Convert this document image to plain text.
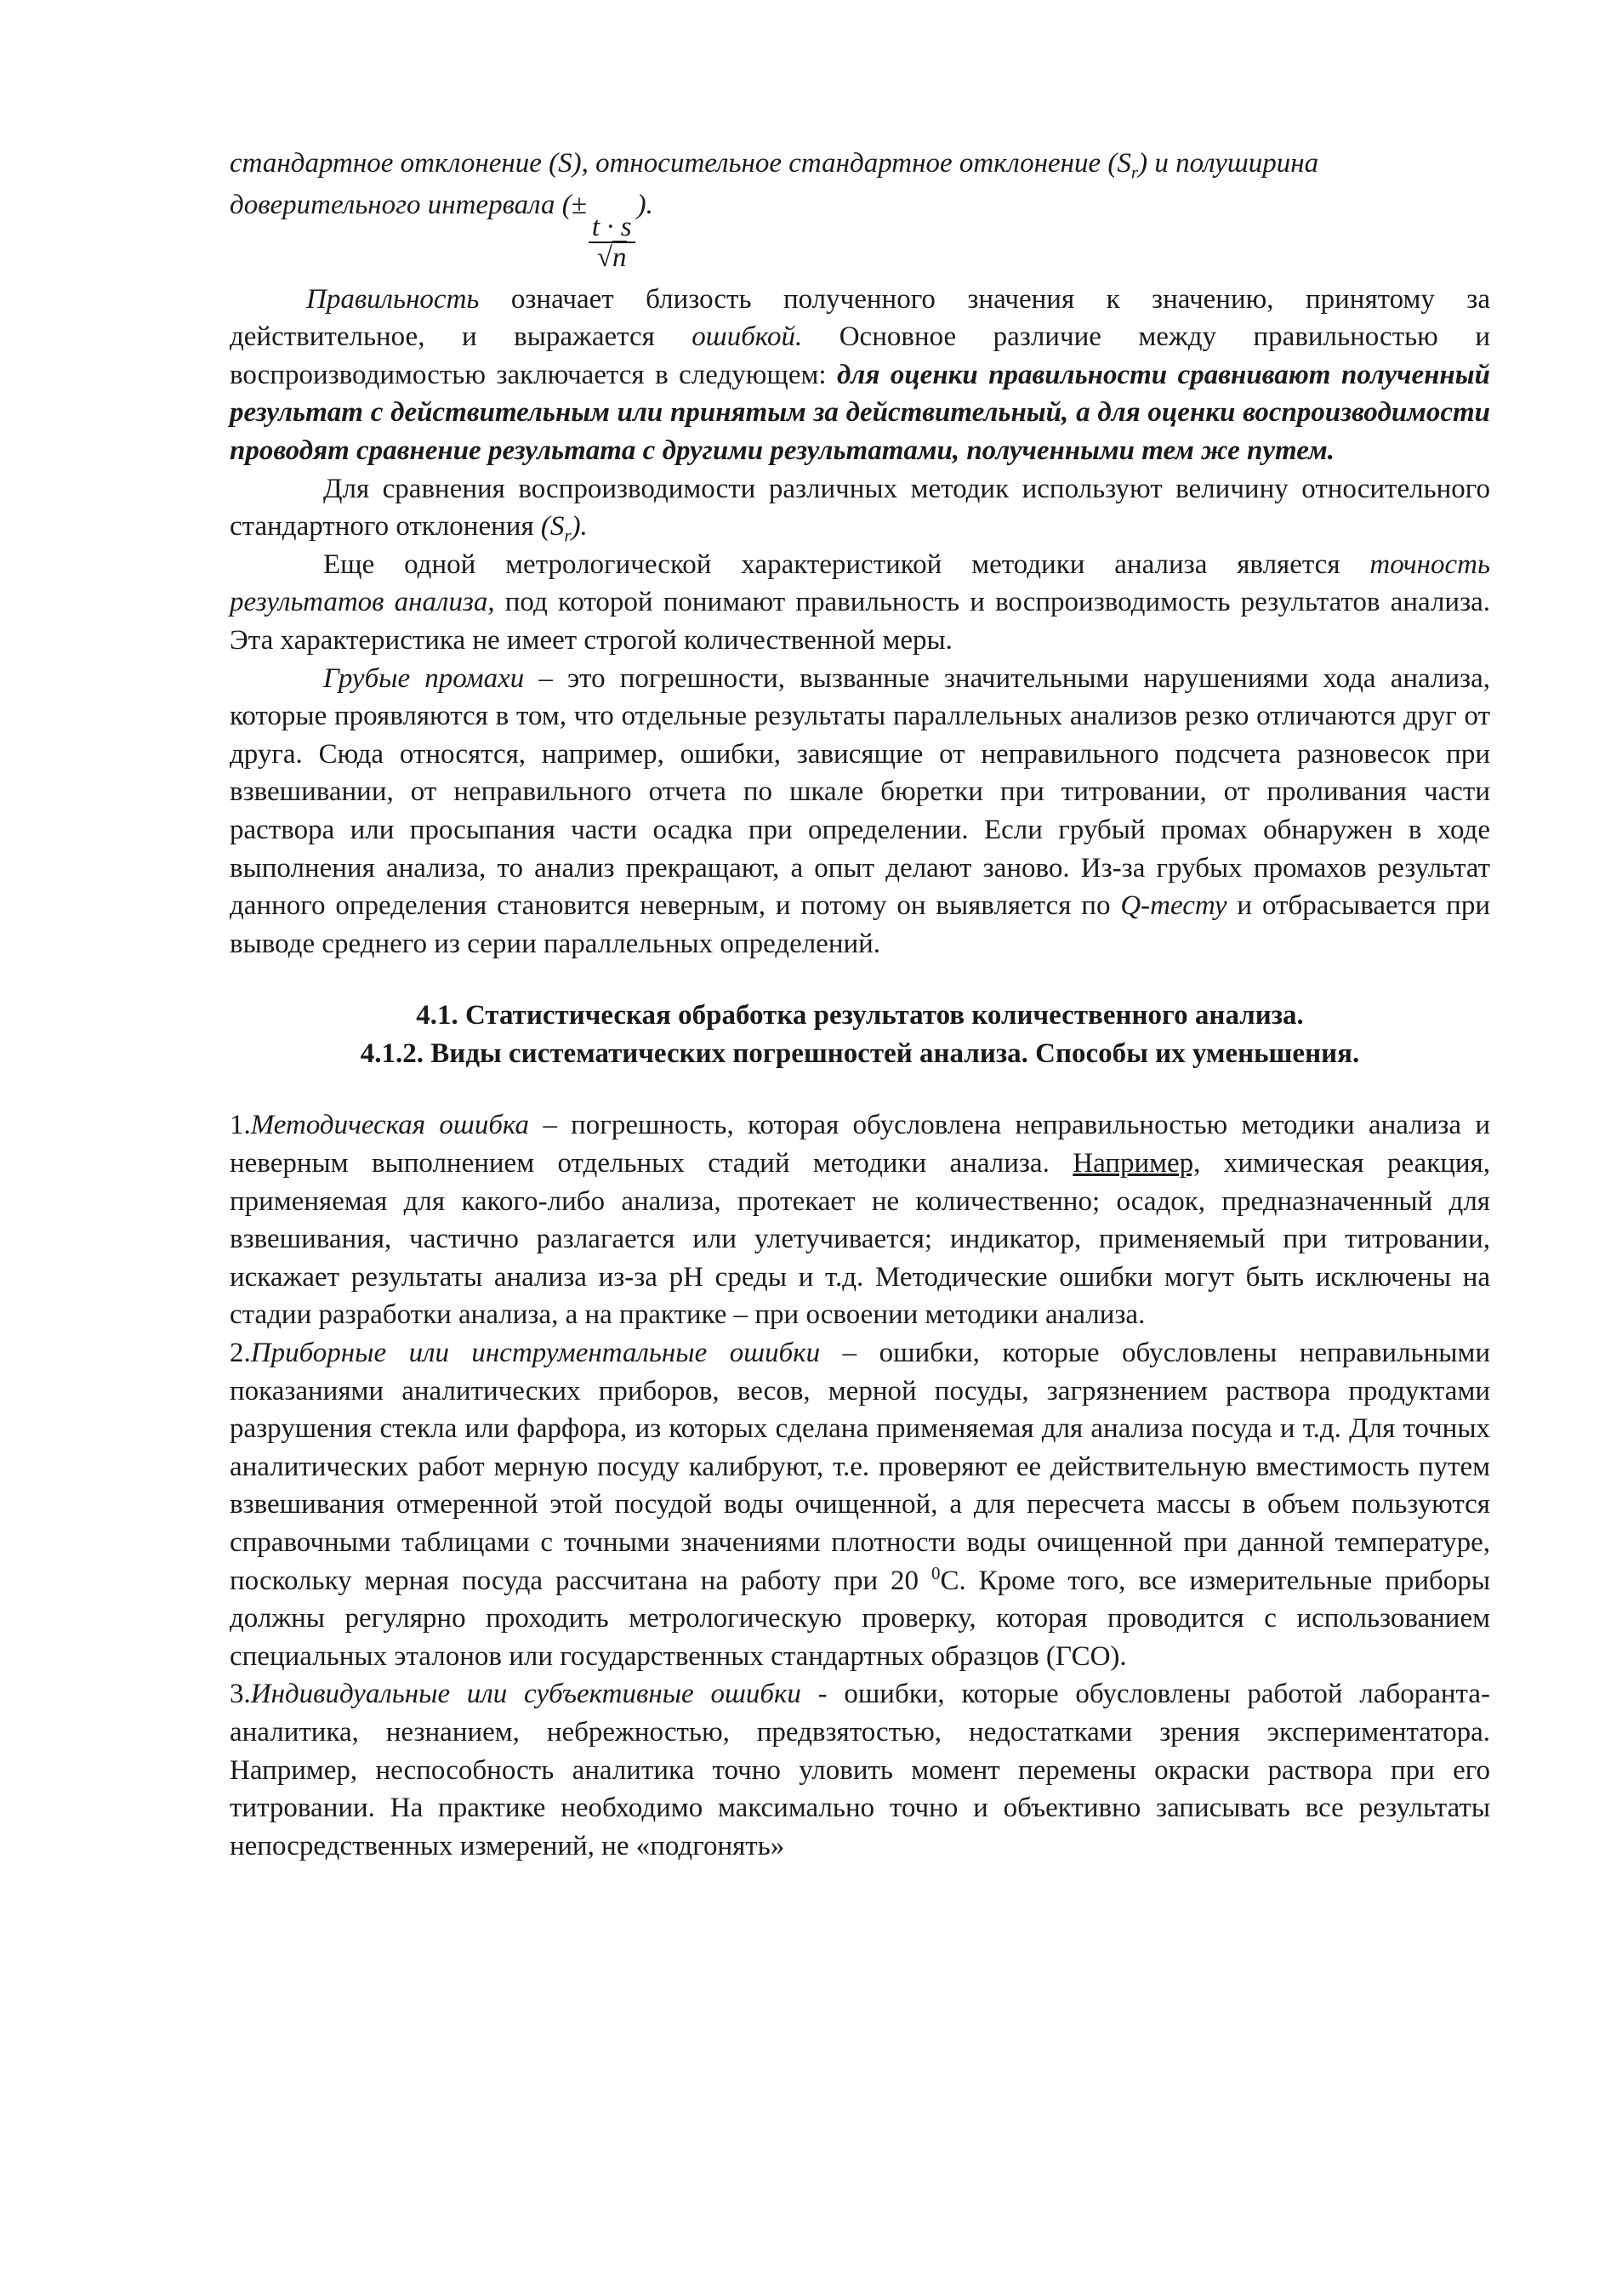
стандартное отклонение (S), относительное стандартное отклонение $(S_r)$ и полуширина

доверительного интервала (±
$\frac{t \cdot s}{√n}$
).

Правильность означает близость полученного значения к значению, принятому за действительное, и выражается ошибкой. Основное различие между правильностью и воспроизводимостью заключается в следующем: для оценки правильности сравнивают полученный результат с действительным или принятым за действительный, а для оценки воспроизводимости проводят сравнение результата с другими результатами, полученными тем же путем.

Для сравнения воспроизводимости различных методик используют величину относительного стандартного отклонения $(S_r)$.

Еще одной метрологической характеристикой методики анализа является точность результатов анализа, под которой понимают правильность и воспроизводимость результатов анализа. Эта характеристика не имеет строгой количественной меры.

Грубые промахи – это погрешности, вызванные значительными нарушениями хода анализа, которые проявляются в том, что отдельные результаты параллельных анализов резко отличаются друг от друга. Сюда относятся, например, ошибки, зависящие от неправильного подсчета разновесок при взвешивании, от неправильного отчета по шкале бюретки при титровании, от проливания части раствора или просыпания части осадка при определении. Если грубый промах обнаружен в ходе выполнения анализа, то анализ прекращают, а опыт делают заново. Из-за грубых промахов результат данного определения становится неверным, и потому он выявляется по Q-тесту и отбрасывается при выводе среднего из серии параллельных определений.

4.1. Статистическая обработка результатов количественного анализа.

4.1.2. Виды систематических погрешностей анализа. Способы их уменьшения.

1.Методическая ошибка – погрешность, которая обусловлена неправильностью методики анализа и неверным выполнением отдельных стадий методики анализа. Например, химическая реакция, применяемая для какого-либо анализа, протекает не количественно; осадок, предназначенный для взвешивания, частично разлагается или улетучивается; индикатор, применяемый при титровании, искажает результаты анализа из-за pH среды и т.д. Методические ошибки могут быть исключены на стадии разработки анализа, а на практике – при освоении методики анализа.

2.Приборные или инструментальные ошибки – ошибки, которые обусловлены неправильными показаниями аналитических приборов, весов, мерной посуды, загрязнением раствора продуктами разрушения стекла или фарфора, из которых сделана применяемая для анализа посуда и т.д. Для точных аналитических работ мерную посуду калибруют, т.е. проверяют ее действительную вместимость путем взвешивания отмеренной этой посудой воды очищенной, а для пересчета массы в объем пользуются справочными таблицами с точными значениями плотности воды очищенной при данной температуре, поскольку мерная посуда рассчитана на работу при 20 $^0$С. Кроме того, все измерительные приборы должны регулярно проходить метрологическую проверку, которая проводится с использованием специальных эталонов или государственных стандартных образцов (ГСО).

3.Индивидуальные или субъективные ошибки - ошибки, которые обусловлены работой лаборанта-аналитика, незнанием, небрежностью, предвзятостью, недостатками зрения экспериментатора. Например, неспособность аналитика точно уловить момент перемены окраски раствора при его титровании. На практике необходимо максимально точно и объективно записывать все результаты непосредственных измерений, не «подгонять»
